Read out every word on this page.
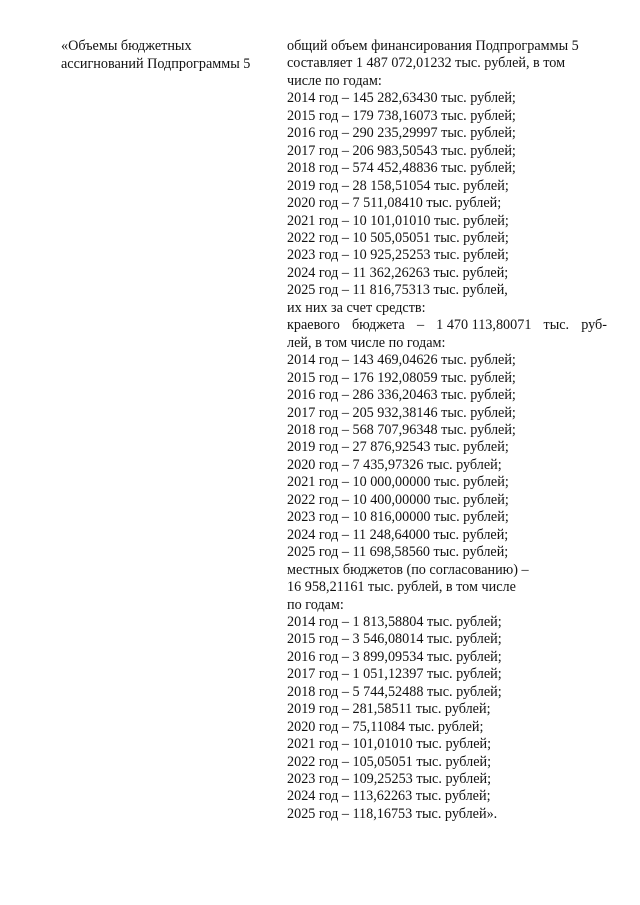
«Объемы бюджетных
ассигнований Подпрограммы 5
общий объем финансирования Подпрограммы 5
составляет 1 487 072,01232 тыс. рублей, в том
числе по годам:
2014 год – 145 282,63430 тыс. рублей;
2015 год – 179 738,16073 тыс. рублей;
2016 год – 290 235,29997 тыс. рублей;
2017 год – 206 983,50543 тыс. рублей;
2018 год – 574 452,48836 тыс. рублей;
2019 год – 28 158,51054 тыс. рублей;
2020 год – 7 511,08410 тыс. рублей;
2021 год – 10 101,01010 тыс. рублей;
2022 год – 10 505,05051 тыс. рублей;
2023 год – 10 925,25253 тыс. рублей;
2024 год – 11 362,26263 тыс. рублей;
2025 год – 11 816,75313 тыс. рублей,
их них за счет средств:
краевого бюджета – 1 470 113,80071 тыс. руб-
лей, в том числе по годам:
2014 год – 143 469,04626 тыс. рублей;
2015 год – 176 192,08059 тыс. рублей;
2016 год – 286 336,20463 тыс. рублей;
2017 год – 205 932,38146 тыс. рублей;
2018 год – 568 707,96348 тыс. рублей;
2019 год – 27 876,92543 тыс. рублей;
2020 год – 7 435,97326 тыс. рублей;
2021 год – 10 000,00000 тыс. рублей;
2022 год – 10 400,00000 тыс. рублей;
2023 год – 10 816,00000 тыс. рублей;
2024 год – 11 248,64000 тыс. рублей;
2025 год – 11 698,58560 тыс. рублей;
местных бюджетов (по согласованию) –
16 958,21161 тыс. рублей, в том числе
по годам:
2014 год – 1 813,58804 тыс. рублей;
2015 год – 3 546,08014 тыс. рублей;
2016 год – 3 899,09534 тыс. рублей;
2017 год – 1 051,12397 тыс. рублей;
2018 год – 5 744,52488 тыс. рублей;
2019 год – 281,58511 тыс. рублей;
2020 год – 75,11084 тыс. рублей;
2021 год – 101,01010 тыс. рублей;
2022 год – 105,05051 тыс. рублей;
2023 год – 109,25253 тыс. рублей;
2024 год – 113,62263 тыс. рублей;
2025 год – 118,16753 тыс. рублей».
